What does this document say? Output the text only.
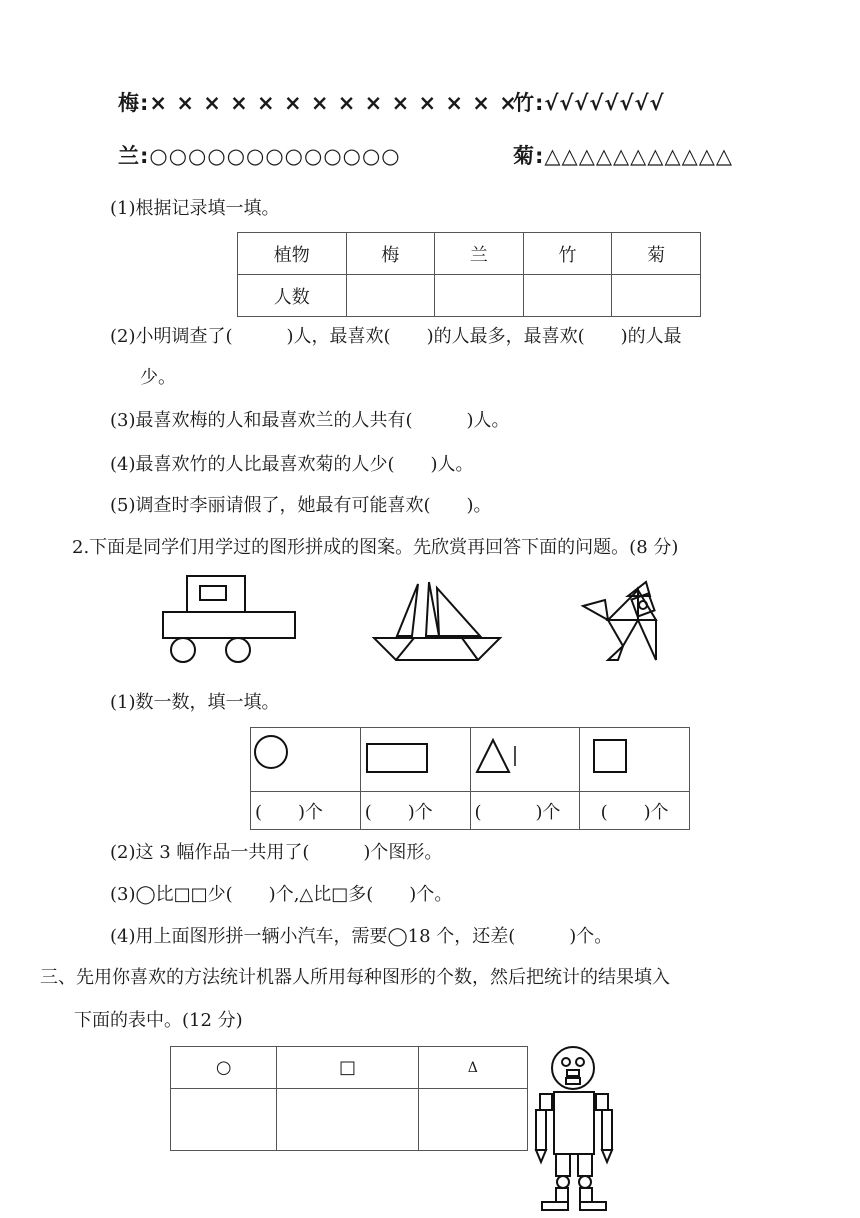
梅:× × × × × × × × × × × × × ×
竹:√√√√√√√√
兰:○○○○○○○○○○○○○	菊:△△△△△△△△△△△
(1)根据记录填一填。
植物	梅	兰	竹	菊
人数				
(2)小明调查了(　　　)人，最喜欢(　　)的人最多，最喜欢(　　)的人最
少。
(3)最喜欢梅的人和最喜欢兰的人共有(　　　)人。
(4)最喜欢竹的人比最喜欢菊的人少(　　)人。
(5)调查时李丽请假了，她最有可能喜欢(　　)。
2.下面是同学们用学过的图形拼成的图案。先欣赏再回答下面的问题。(8 分)
(1)数一数，填一填。

(　　)个	(　　)个	(　　　)个	(　　)个
(2)这 3 幅作品一共用了(　　　)个图形。
(3)◯比□□少(　　)个,△比□多(　　)个。
(4)用上面图形拼一辆小汽车，需要◯18 个，还差(　　　)个。
三、先用你喜欢的方法统计机器人所用每种图形的个数，然后把统计的结果填入
下面的表中。(12 分)
○	□	Δ
